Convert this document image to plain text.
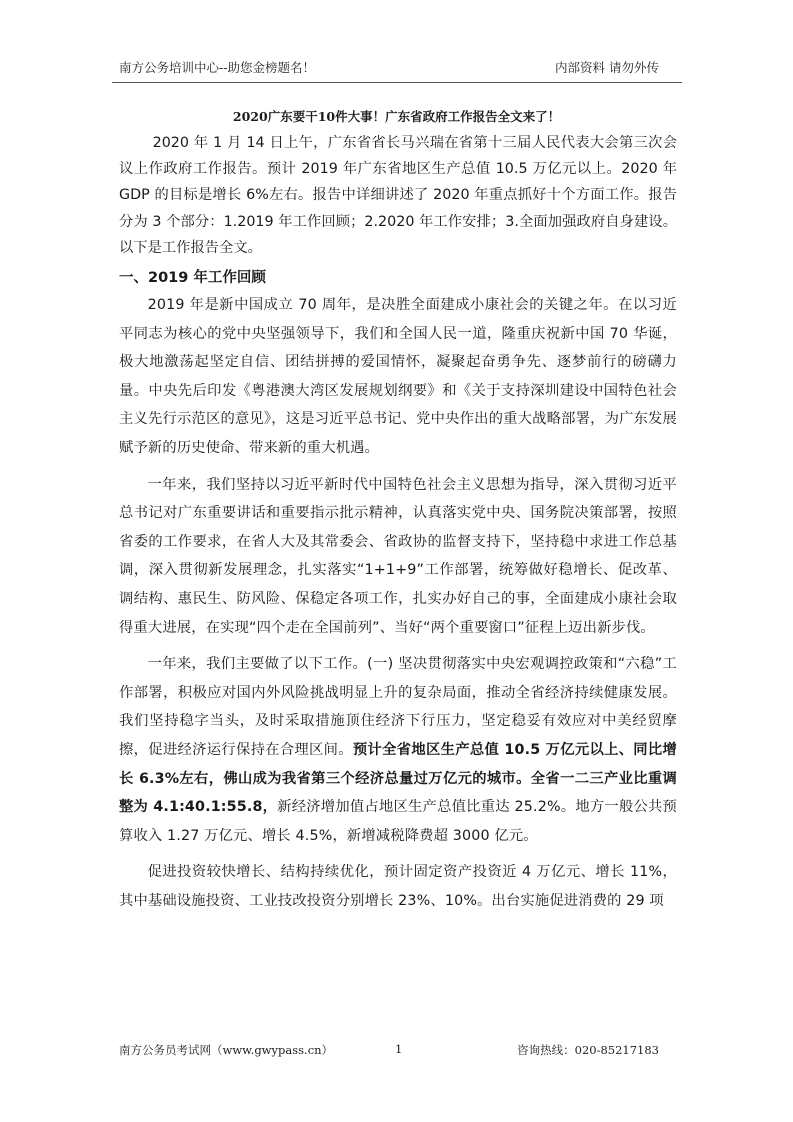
南方公务培训中心--助您金榜题名！	内部资料 请勿外传
2020广东要干10件大事！广东省政府工作报告全文来了！

2020 年 1 月 14 日上午，广东省省长马兴瑞在省第十三届人民代表大会第三次会议上作政府工作报告。预计 2019 年广东省地区生产总值 10.5 万亿元以上。2020 年 GDP 的目标是增长 6%左右。报告中详细讲述了 2020 年重点抓好十个方面工作。报告分为 3 个部分：1.2019 年工作回顾；2.2020 年工作安排；3.全面加强政府自身建设。以下是工作报告全文。

一、2019 年工作回顾

2019 年是新中国成立 70 周年，是决胜全面建成小康社会的关键之年。在以习近平同志为核心的党中央坚强领导下，我们和全国人民一道，隆重庆祝新中国 70 华诞，极大地激荡起坚定自信、团结拼搏的爱国情怀，凝聚起奋勇争先、逐梦前行的磅礴力量。中央先后印发《粤港澳大湾区发展规划纲要》和《关于支持深圳建设中国特色社会主义先行示范区的意见》，这是习近平总书记、党中央作出的重大战略部署，为广东发展赋予新的历史使命、带来新的重大机遇。

一年来，我们坚持以习近平新时代中国特色社会主义思想为指导，深入贯彻习近平总书记对广东重要讲话和重要指示批示精神，认真落实党中央、国务院决策部署，按照省委的工作要求，在省人大及其常委会、省政协的监督支持下，坚持稳中求进工作总基调，深入贯彻新发展理念，扎实落实“1+1+9”工作部署，统筹做好稳增长、促改革、调结构、惠民生、防风险、保稳定各项工作，扎实办好自己的事，全面建成小康社会取得重大进展，在实现“四个走在全国前列”、当好“两个重要窗口”征程上迈出新步伐。

一年来，我们主要做了以下工作。(一) 坚决贯彻落实中央宏观调控政策和“六稳”工作部署，积极应对国内外风险挑战明显上升的复杂局面，推动全省经济持续健康发展。我们坚持稳字当头，及时采取措施顶住经济下行压力，坚定稳妥有效应对中美经贸摩擦，促进经济运行保持在合理区间。预计全省地区生产总值 10.5 万亿元以上、同比增长 6.3%左右，佛山成为我省第三个经济总量过万亿元的城市。全省一二三产业比重调整为 4.1:40.1:55.8，新经济增加值占地区生产总值比重达 25.2%。地方一般公共预算收入 1.27 万亿元、增长 4.5%，新增减税降费超 3000 亿元。

促进投资较快增长、结构持续优化，预计固定资产投资近 4 万亿元、增长 11%，其中基础设施投资、工业技改投资分别增长 23%、10%。出台实施促进消费的 29 项

南方公务员考试网（www.gwypass.cn）	1	咨询热线：020-85217183
